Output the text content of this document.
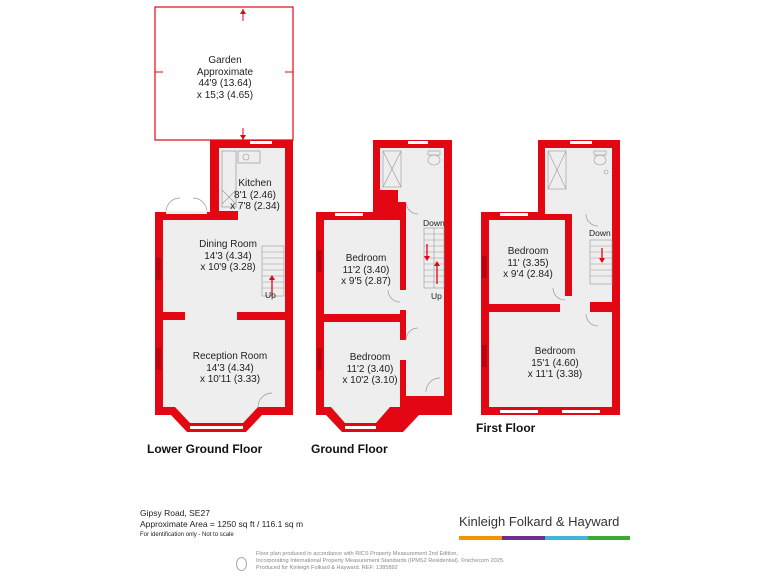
Garden
Approximate
44'9 (13.64)
x 15;3 (4.65)
Kitchen
8'1 (2.46)
x 7'8 (2.34)
Dining Room
14'3 (4.34)
x 10'9 (3.28)
Reception Room
14'3 (4.34)
x 10'11 (3.33)
Bedroom
11'2 (3.40)
x 9'5 (2.87)
Bedroom
11'2 (3.40)
x 10'2 (3.10)
Bedroom
11' (3.35)
x 9'4 (2.84)
Bedroom
15'1 (4.60)
x 11'1 (3.38)
Up
Down
Up
Down
Lower Ground Floor	Ground Floor
First Floor
Gipsy Road, SE27
Approximate Area = 1250 sq ft / 116.1 sq m
For identification only - Not to scale
Kinleigh Folkard & Hayward
Floor plan produced in accordance with RICS Property Measurement 2nd Edition,
Incorporating International Property Measurement Standards (IPMS2 Residential). ©nichecom 2025.
Produced for Kinleigh Folkard & Hayward. REF: 1385892
